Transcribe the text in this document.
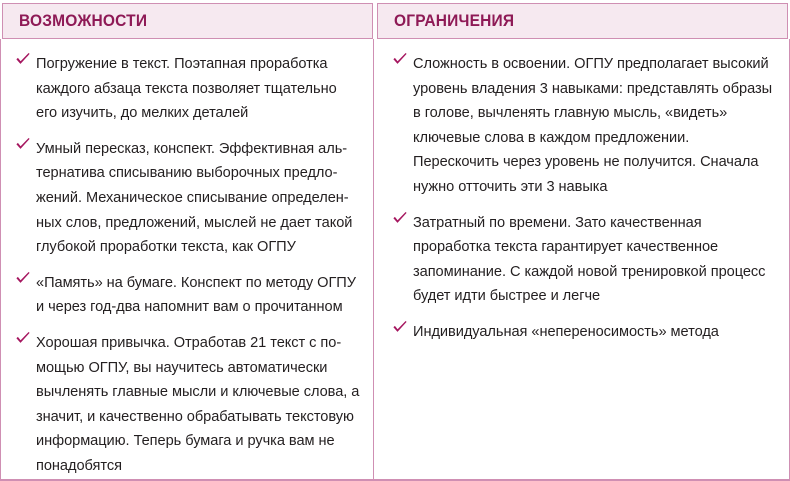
ВОЗМОЖНОСТИ	ОГРАНИЧЕНИЯ
Погружение в текст. Поэтапная проработка каждого абзаца текста позволяет тщательно его изучить, до мелких деталей
Умный пересказ, конспект. Эффективная альтернатива списыванию выборочных предложений. Механическое списывание определенных слов, предложений, мыслей не дает такой глубокой проработки текста, как ОГПУ
«Память» на бумаге. Конспект по методу ОГПУ и через год-два напомнит вам о прочитанном
Хорошая привычка. Отработав 21 текст с помощью ОГПУ, вы научитесь автоматически вычленять главные мысли и ключевые слова, а значит, и качественно обрабатывать текстовую информацию. Теперь бумага и ручка вам не понадобятся
Сложность в освоении. ОГПУ предполагает высокий уровень владения 3 навыками: представлять образы в голове, вычленять главную мысль, «видеть» ключевые слова в каждом предложении. Перескочить через уровень не получится. Сначала нужно отточить эти 3 навыка
Затратный по времени. Зато качественная проработка текста гарантирует качественное запоминание. С каждой новой тренировкой процесс будет идти быстрее и легче
Индивидуальная «непереносимость» метода
